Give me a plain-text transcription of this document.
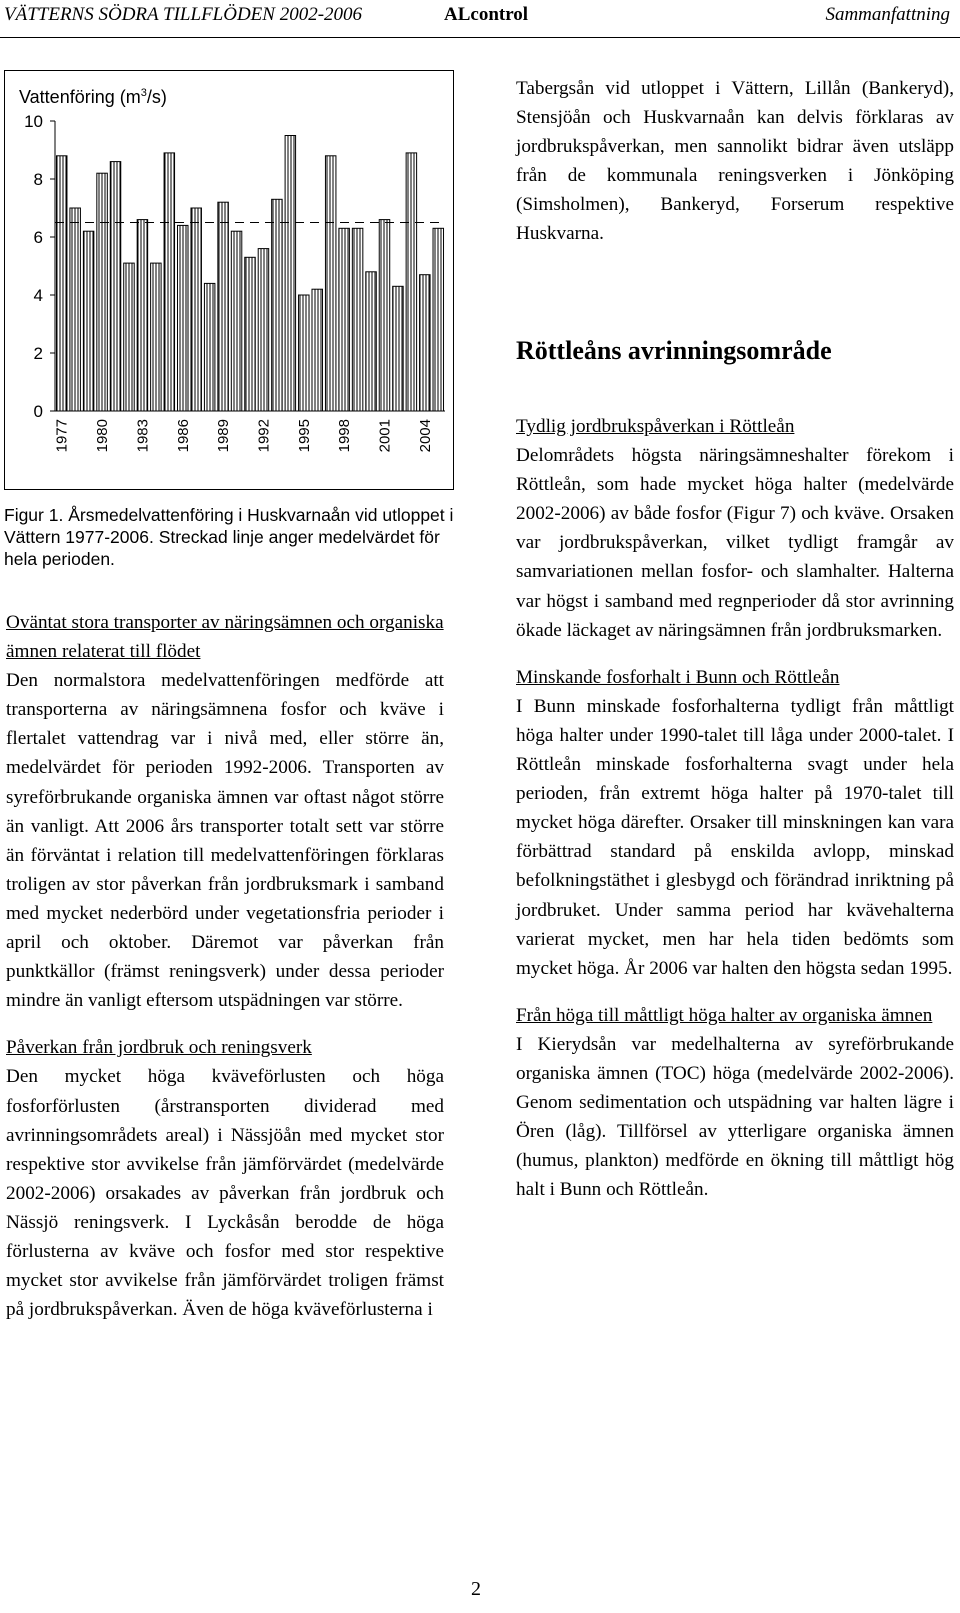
VÄTTERNS SÖDRA TILLFLÖDEN 2002-2006	ALcontrol	Sammanfattning
Vattenföring $(m^3/s)$
0
2
4
6
8
10
1977 1980 1983 1986 1989 1992 1995 1998 2001 2004
Figur 1. Årsmedelvattenföring i Huskvarnaån vid utloppet i Vättern 1977-2006. Streckad linje anger medelvärdet för hela perioden.

Tabergsån vid utloppet i Vättern, Lillån (Bankeryd), Stensjöån och Huskvarnaån kan delvis förklaras av jordbrukspåverkan, men sannolikt bidrar även utsläpp från de kommunala reningsverken i Jönköping (Simsholmen), Bankeryd, Forserum respektive Huskvarna.

Röttleåns avrinningsområde

Oväntat stora transporter av näringsämnen och organiska ämnen relaterat till flödet

Den normalstora medelvattenföringen medförde att transporterna av näringsämnena fosfor och kväve i flertalet vattendrag var i nivå med, eller större än, medelvärdet för perioden 1992-2006. Transporten av syreförbrukande organiska ämnen var oftast något större än vanligt. Att 2006 års transporter totalt sett var större än förväntat i relation till medelvattenföringen förklaras troligen av stor påverkan från jordbruksmark i samband med mycket nederbörd under vegetationsfria perioder i april och oktober. Däremot var påverkan från punktkällor (främst reningsverk) under dessa perioder mindre än vanligt eftersom utspädningen var större.

Påverkan från jordbruk och reningsverk

Den mycket höga kväveförlusten och höga fosforförlusten (årstransporten dividerad med avrinningsområdets areal) i Nässjöån med mycket stor respektive stor avvikelse från jämförvärdet (medelvärde 2002-2006) orsakades av påverkan från jordbruk och Nässjö reningsverk. I Lyckåsån berodde de höga förlusterna av kväve och fosfor med stor respektive mycket stor avvikelse från jämförvärdet troligen främst på jordbrukspåverkan. Även de höga kväveförlusterna i

Tydlig jordbrukspåverkan i Röttleån

Delområdets högsta näringsämneshalter förekom i Röttleån, som hade mycket höga halter (medelvärde 2002-2006) av både fosfor (Figur 7) och kväve. Orsaken var jordbrukspåverkan, vilket tydligt framgår av samvariationen mellan fosfor- och slamhalter. Halterna var högst i samband med regnperioder då stor avrinning ökade läckaget av näringsämnen från jordbruksmarken.

Minskande fosforhalt i Bunn och Röttleån

I Bunn minskade fosforhalterna tydligt från måttligt höga halter under 1990-talet till låga under 2000-talet. I Röttleån minskade fosforhalterna svagt under hela perioden, från extremt höga halter på 1970-talet till mycket höga därefter. Orsaker till minskningen kan vara förbättrad standard på enskilda avlopp, minskad befolkningstäthet i glesbygd och förändrad inriktning på jordbruket. Under samma period har kvävehalterna varierat mycket, men har hela tiden bedömts som mycket höga. År 2006 var halten den högsta sedan 1995.

Från höga till måttligt höga halter av organiska ämnen

I Kierydsån var medelhalterna av syreförbrukande organiska ämnen (TOC) höga (medelvärde 2002-2006). Genom sedimentation och utspädning var halten lägre i Ören (låg). Tillförsel av ytterligare organiska ämnen (humus, plankton) medförde en ökning till måttligt hög halt i Bunn och Röttleån.

2
